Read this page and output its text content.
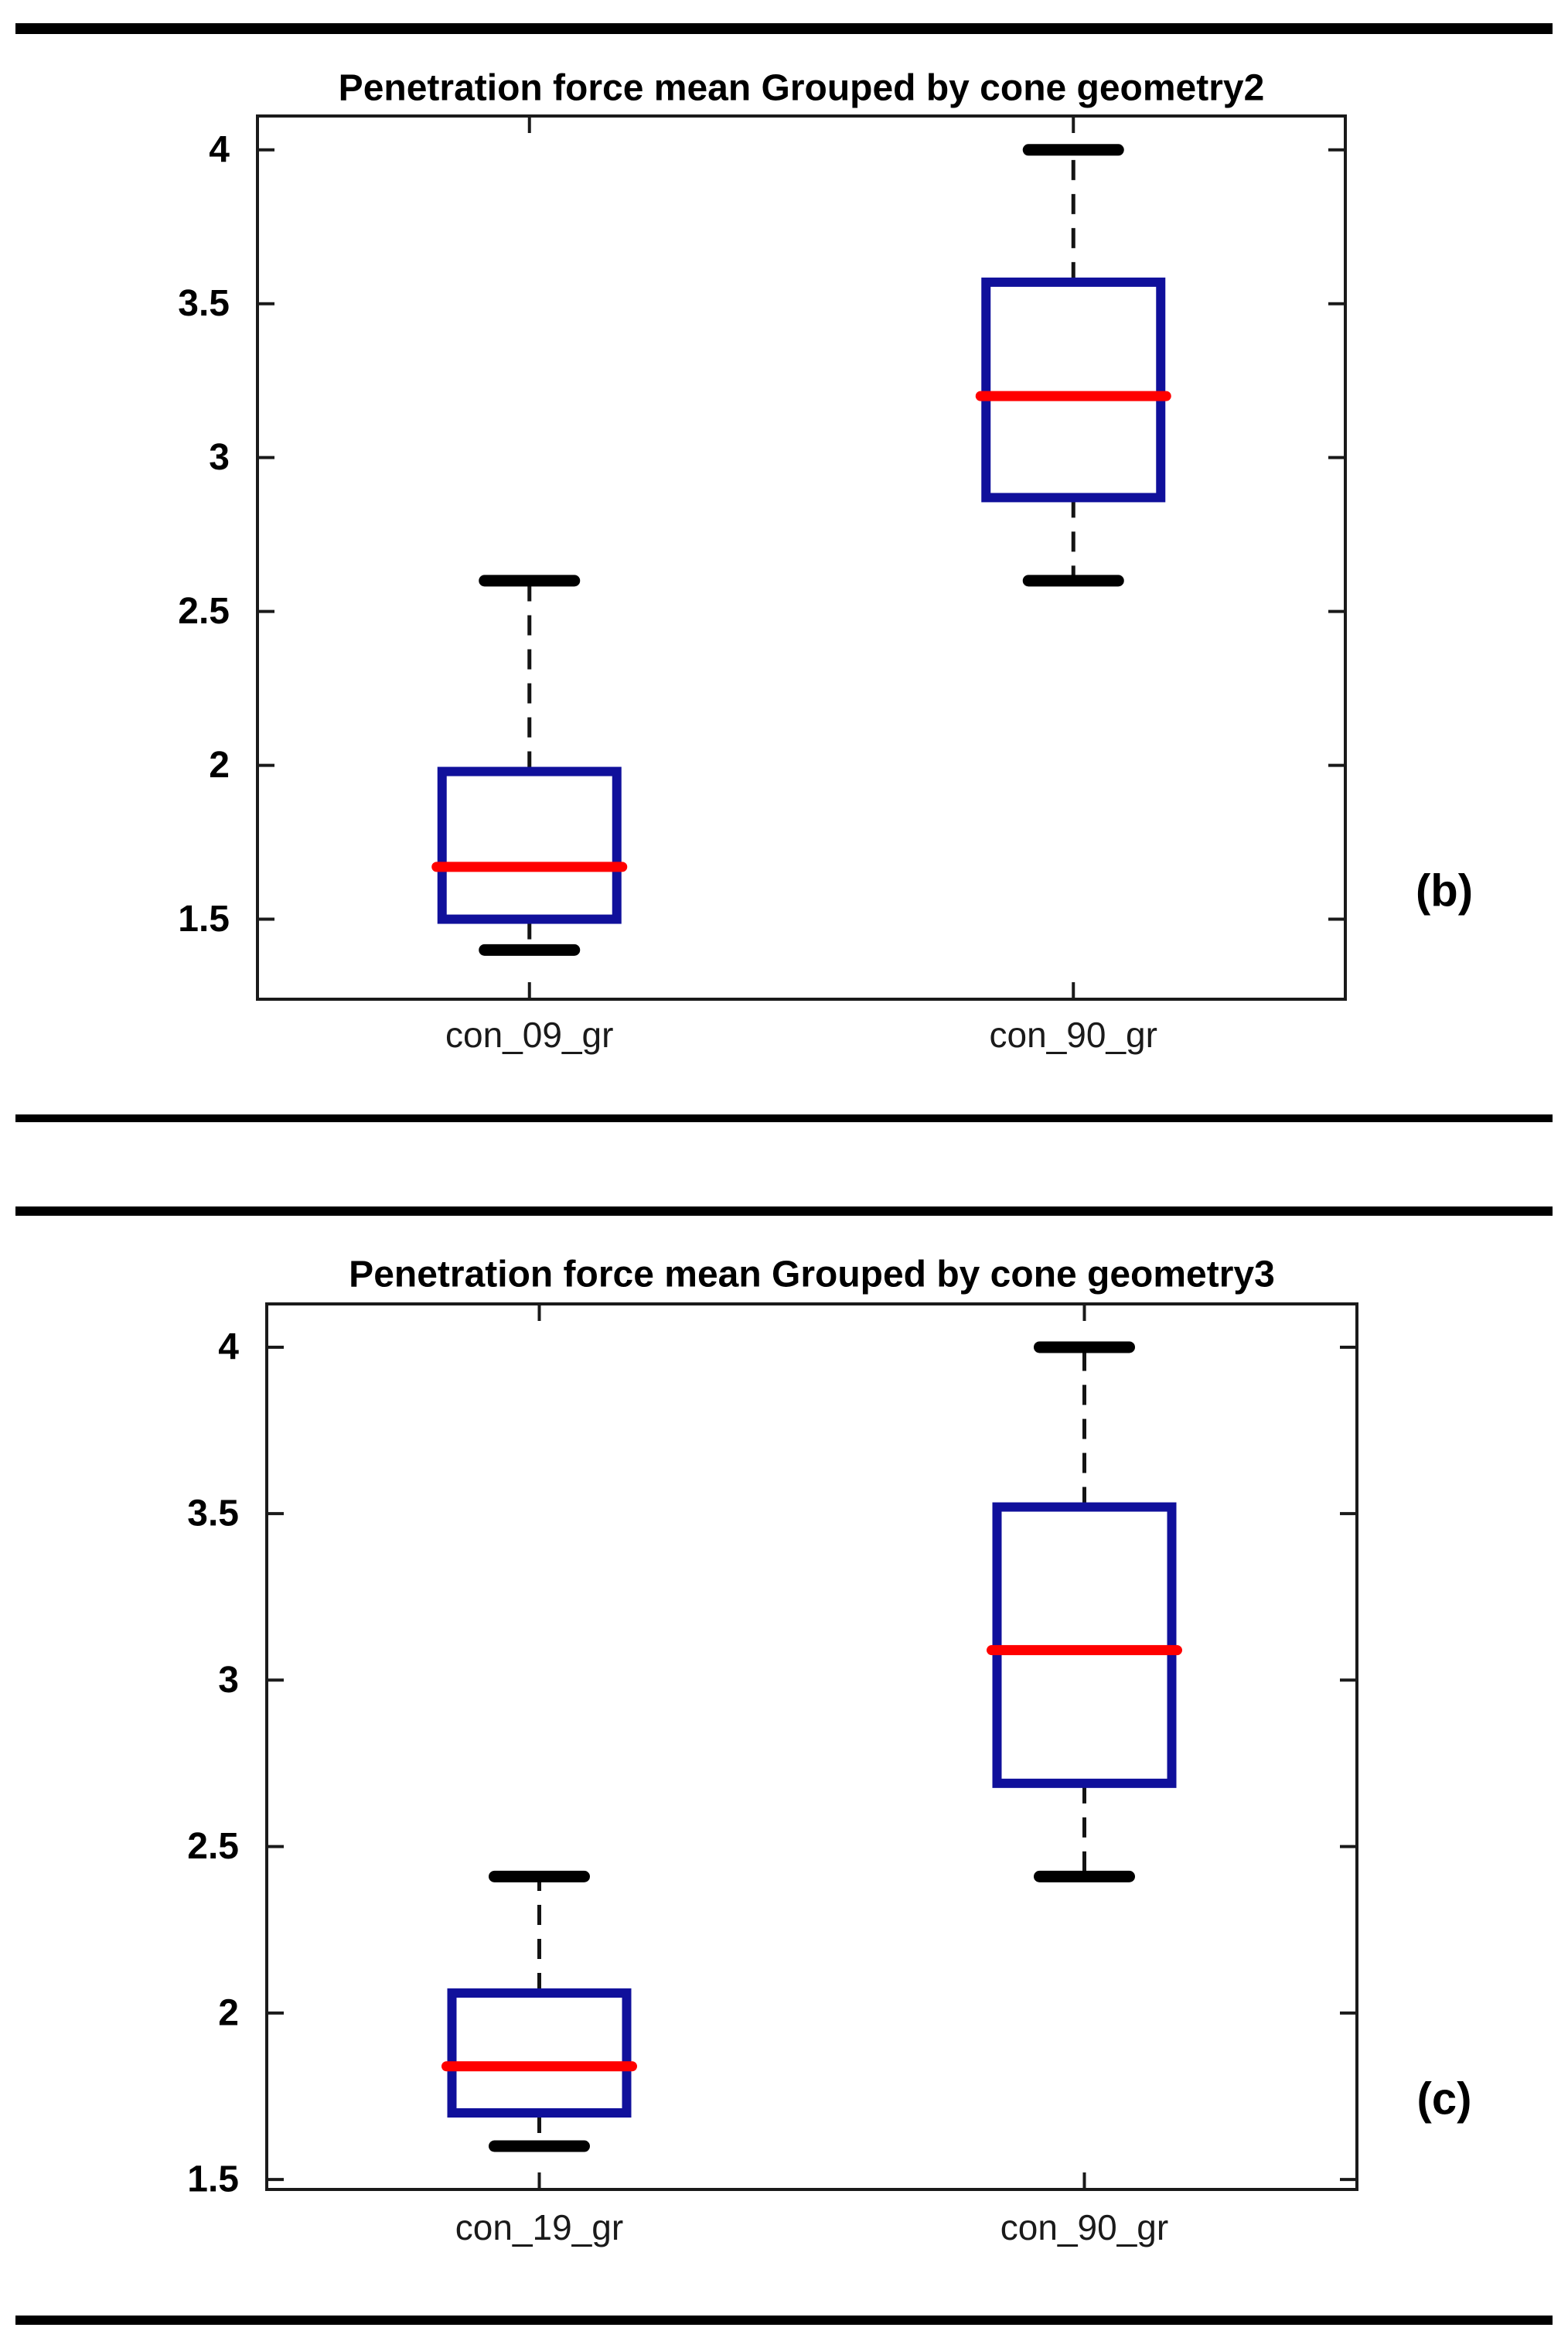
Penetration force mean Grouped by cone geometry2
1.5
2
2.5
3
3.5
4
con_09_gr	con_90_gr
(b)
Penetration force mean Grouped by cone geometry3
1.5
2
2.5
3
3.5
4
con_19_gr	con_90_gr
(c)
